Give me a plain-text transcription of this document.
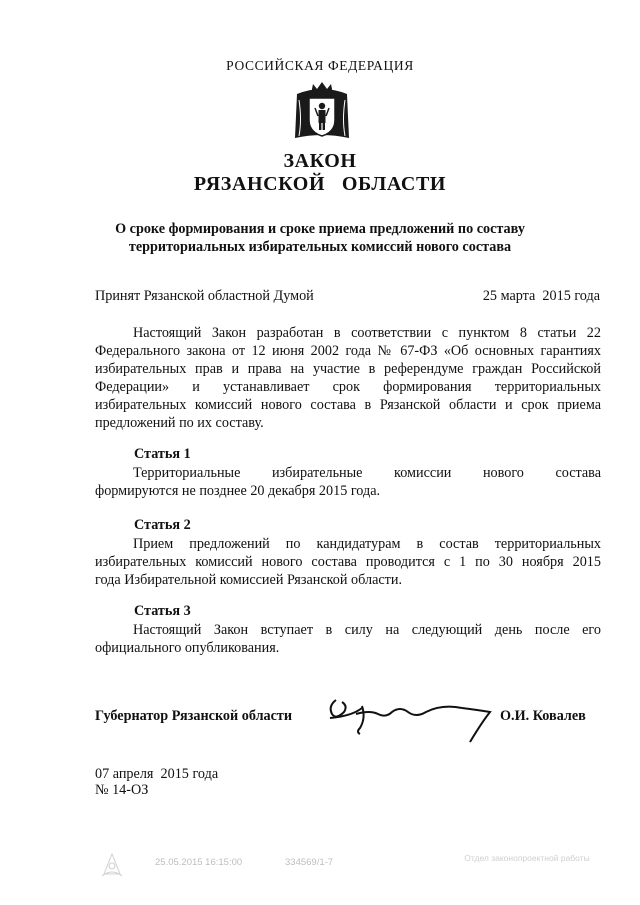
РОССИЙСКАЯ ФЕДЕРАЦИЯ
ЗАКОН
РЯЗАНСКОЙ   ОБЛАСТИ
О сроке формирования и сроке приема предложений по составу
территориальных избирательных комиссий нового состава
Принят Рязанской областной Думой	25 марта  2015 года
Настоящий Закон разработан в соответствии с пунктом 8 статьи 22
Федерального закона от 12 июня 2002 года № 67-ФЗ «Об основных гарантиях
избирательных прав и права на участие в референдуме граждан Российской
Федерации» и устанавливает срок формирования территориальных
избирательных комиссий нового состава в Рязанской области и срок приема
предложений по их составу.
Статья 1
Территориальные избирательные комиссии нового состава
формируются не позднее 20 декабря 2015 года.
Статья 2
Прием предложений по кандидатурам в состав территориальных
избирательных комиссий нового состава проводится с 1 по 30 ноября 2015
года Избирательной комиссией Рязанской области.
Статья 3
Настоящий Закон вступает в силу на следующий день после его
официального опубликования.
Губернатор Рязанской области	О.И. Ковалев
07 апреля  2015 года
№ 14-ОЗ
25.05.2015 16:15:00	334569/1-7	Отдел законопроектной работы
